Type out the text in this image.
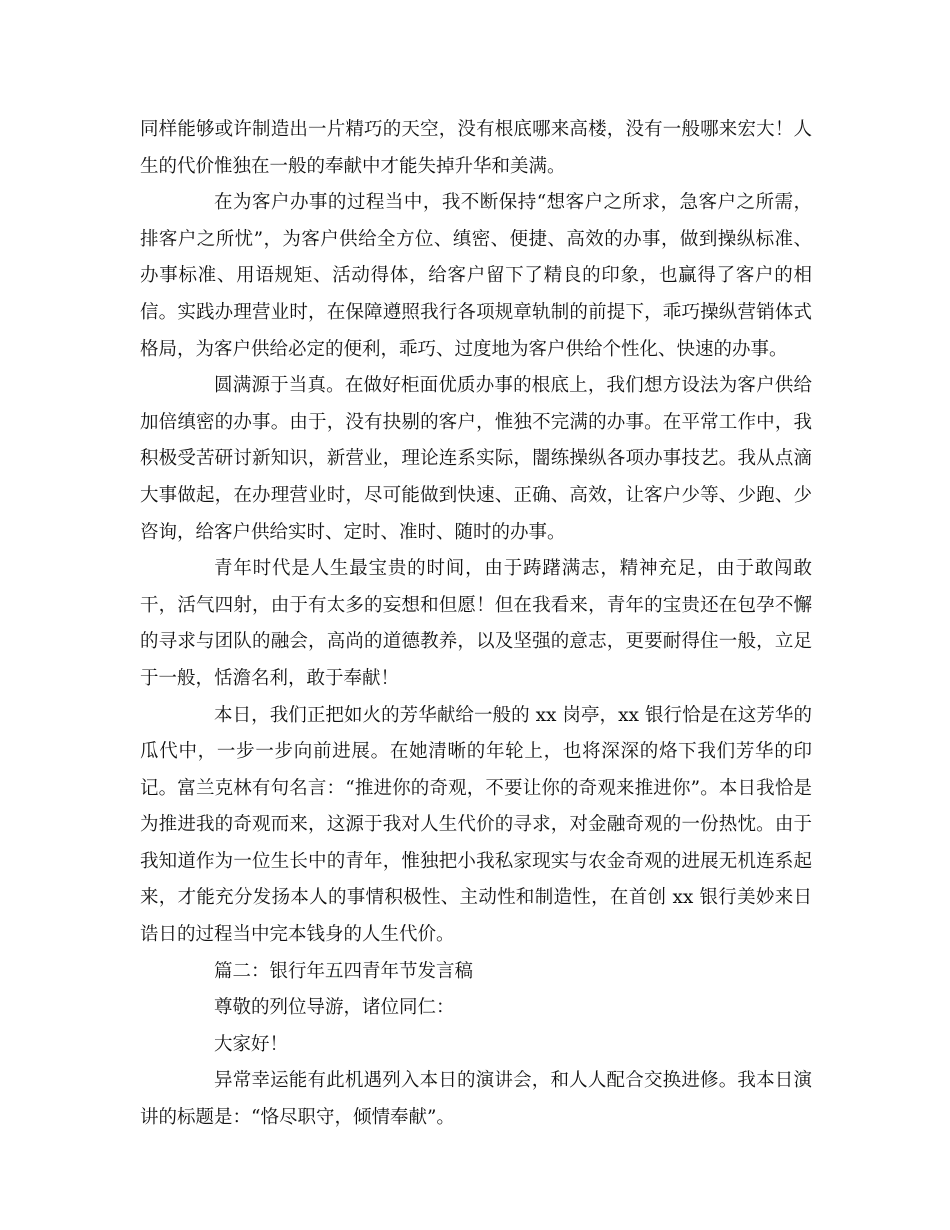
同样能够或许制造出一片精巧的天空，没有根底哪来高楼，没有一般哪来宏大！人生的代价惟独在一般的奉献中才能失掉升华和美满。

在为客户办事的过程当中，我不断保持“想客户之所求，急客户之所需，排客户之所忧”，为客户供给全方位、缜密、便捷、高效的办事，做到操纵标准、办事标准、用语规矩、活动得体，给客户留下了精良的印象，也赢得了客户的相信。实践办理营业时，在保障遵照我行各项规章轨制的前提下，乖巧操纵营销体式格局，为客户供给必定的便利，乖巧、过度地为客户供给个性化、快速的办事。

圆满源于当真。在做好柜面优质办事的根底上，我们想方设法为客户供给加倍缜密的办事。由于，没有抉剔的客户，惟独不完满的办事。在平常工作中，我积极受苦研讨新知识，新营业，理论连系实际，闇练操纵各项办事技艺。我从点滴大事做起，在办理营业时，尽可能做到快速、正确、高效，让客户少等、少跑、少咨询，给客户供给实时、定时、准时、随时的办事。

青年时代是人生最宝贵的时间，由于踌躇满志，精神充足，由于敢闯敢干，活气四射，由于有太多的妄想和但愿！但在我看来，青年的宝贵还在包孕不懈的寻求与团队的融会，高尚的道德教养，以及坚强的意志，更要耐得住一般，立足于一般，恬澹名利，敢于奉献！

本日，我们正把如火的芳华献给一般的 xx 岗亭，xx 银行恰是在这芳华的瓜代中，一步一步向前进展。在她清晰的年轮上，也将深深的烙下我们芳华的印记。富兰克林有句名言：“推进你的奇观，不要让你的奇观来推进你”。本日我恰是为推进我的奇观而来，这源于我对人生代价的寻求，对金融奇观的一份热忱。由于我知道作为一位生长中的青年，惟独把小我私家现实与农金奇观的进展无机连系起来，才能充分发扬本人的事情积极性、主动性和制造性，在首创 xx 银行美妙来日诰日的过程当中完本钱身的人生代价。

篇二：银行年五四青年节发言稿

尊敬的列位导游，诸位同仁：

大家好！

异常幸运能有此机遇列入本日的演讲会，和人人配合交换进修。我本日演讲的标题是：“恪尽职守，倾情奉献”。
